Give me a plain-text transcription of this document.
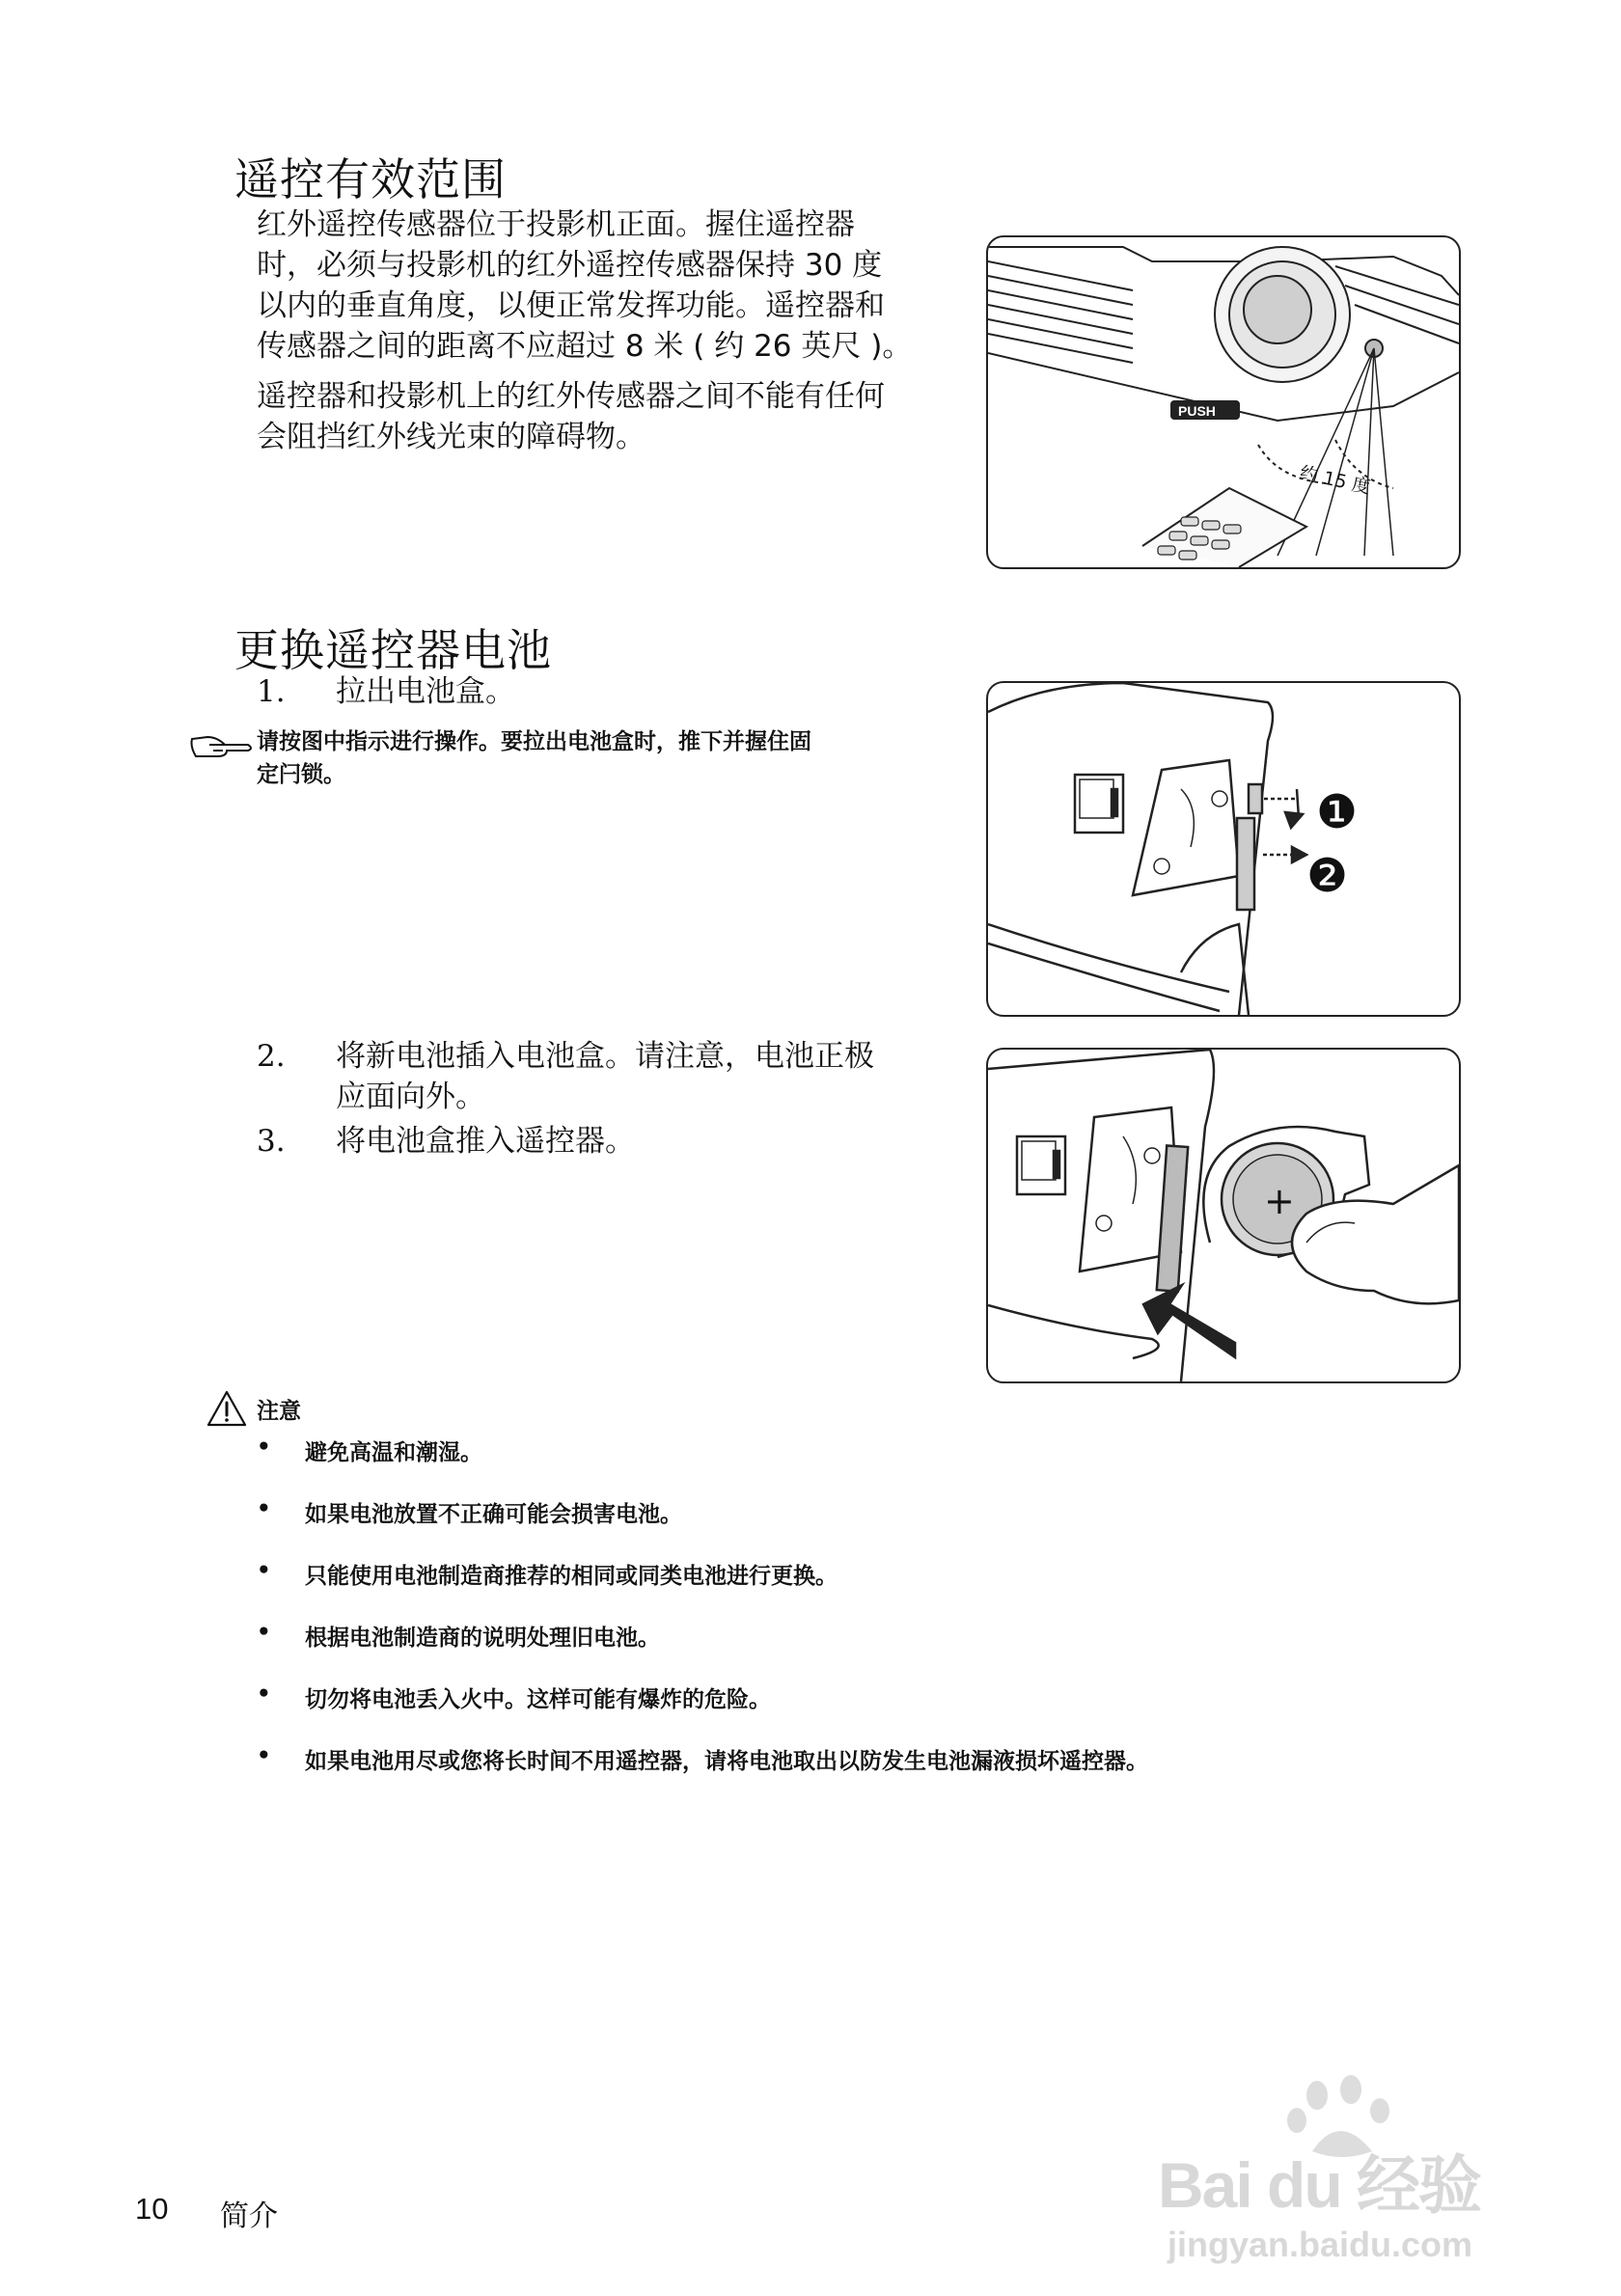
遥控有效范围
红外遥控传感器位于投影机正面。握住遥控器
时，必须与投影机的红外遥控传感器保持 30 度
以内的垂直角度，以便正常发挥功能。遥控器和
传感器之间的距离不应超过 8 米 ( 约 26 英尺 )。
遥控器和投影机上的红外传感器之间不能有任何
会阻挡红外线光束的障碍物。
PUSH
约 15 度
更换遥控器电池
1.	拉出电池盒。
请按图中指示进行操作。要拉出电池盒时，推下并握住固
定闩锁。
❶
❷
2.	将新电池插入电池盒。请注意，电池正极
应面向外。
3.	将电池盒推入遥控器。
+
注意
• 避免高温和潮湿。
• 如果电池放置不正确可能会损害电池。
• 只能使用电池制造商推荐的相同或同类电池进行更换。
• 根据电池制造商的说明处理旧电池。
• 切勿将电池丢入火中。这样可能有爆炸的危险。
• 如果电池用尽或您将长时间不用遥控器，请将电池取出以防发生电池漏液损坏遥控器。
Bai du 经验
jingyan.baidu.com
10 简介
